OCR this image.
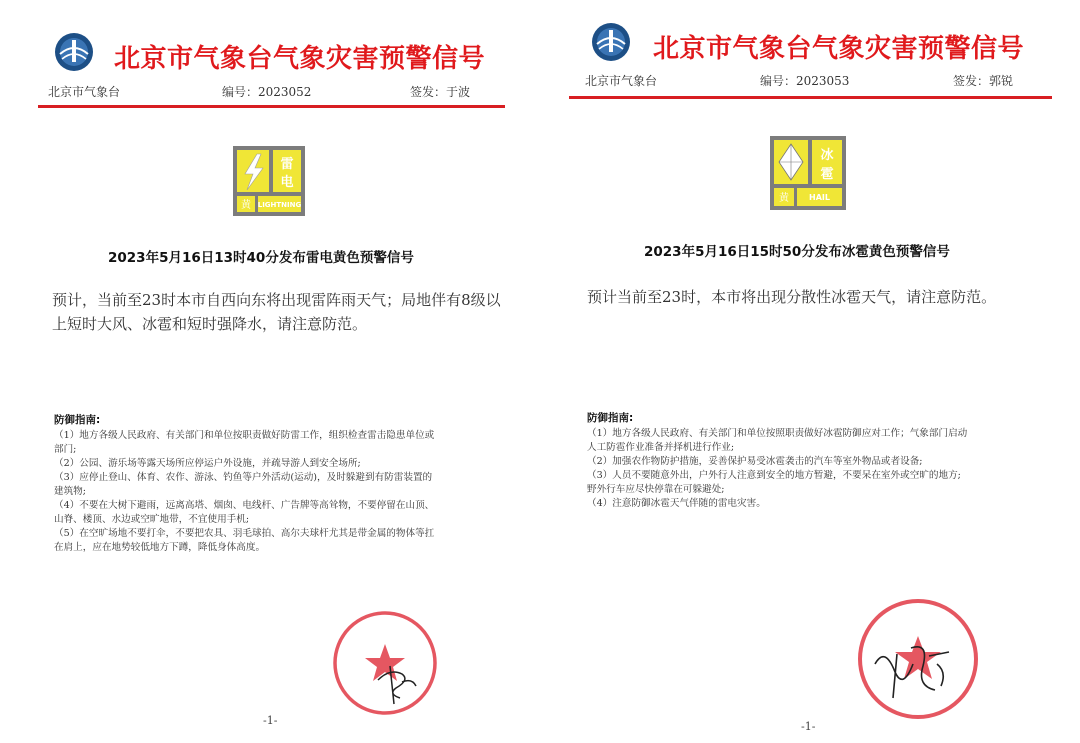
北京市气象台气象灾害预警信号
北京市气象台	编号：2023052	签发：于波
雷
电
黄 LIGHTNING
2023年5月16日13时40分发布雷电黄色预警信号
预计，当前至23时本市自西向东将出现雷阵雨天气；局地伴有8级以
上短时大风、冰雹和短时强降水，请注意防范。
防御指南:
（1）地方各级人民政府、有关部门和单位按职责做好防雷工作，组织检查雷击隐患单位或
部门;
（2）公园、游乐场等露天场所应停运户外设施，并疏导游人到安全场所;
（3）应停止登山、体育、农作、游泳、钓鱼等户外活动(运动)，及时躲避到有防雷装置的
建筑物;
（4）不要在大树下避雨，远离高塔、烟囱、电线杆、广告牌等高耸物，不要停留在山顶、
山脊、楼顶、水边或空旷地带，不宜使用手机;
（5）在空旷场地不要打伞，不要把农具、羽毛球拍、高尔夫球杆尤其是带金属的物体等扛
在肩上，应在地势较低地方下蹲，降低身体高度。
-1-
北京市气象台气象灾害预警信号
北京市气象台	编号：2023053	签发：郭锐
冰
雹
黄	HAIL
2023年5月16日15时50分发布冰雹黄色预警信号
预计当前至23时，本市将出现分散性冰雹天气，请注意防范。
防御指南:
（1）地方各级人民政府、有关部门和单位按照职责做好冰雹防御应对工作；气象部门启动
人工防雹作业准备并择机进行作业;
（2）加强农作物防护措施，妥善保护易受冰雹袭击的汽车等室外物品或者设备;
（3）人员不要随意外出，户外行人注意到安全的地方暂避，不要呆在室外或空旷的地方;
野外行车应尽快停靠在可躲避处;
（4）注意防御冰雹天气伴随的雷电灾害。
-1-
